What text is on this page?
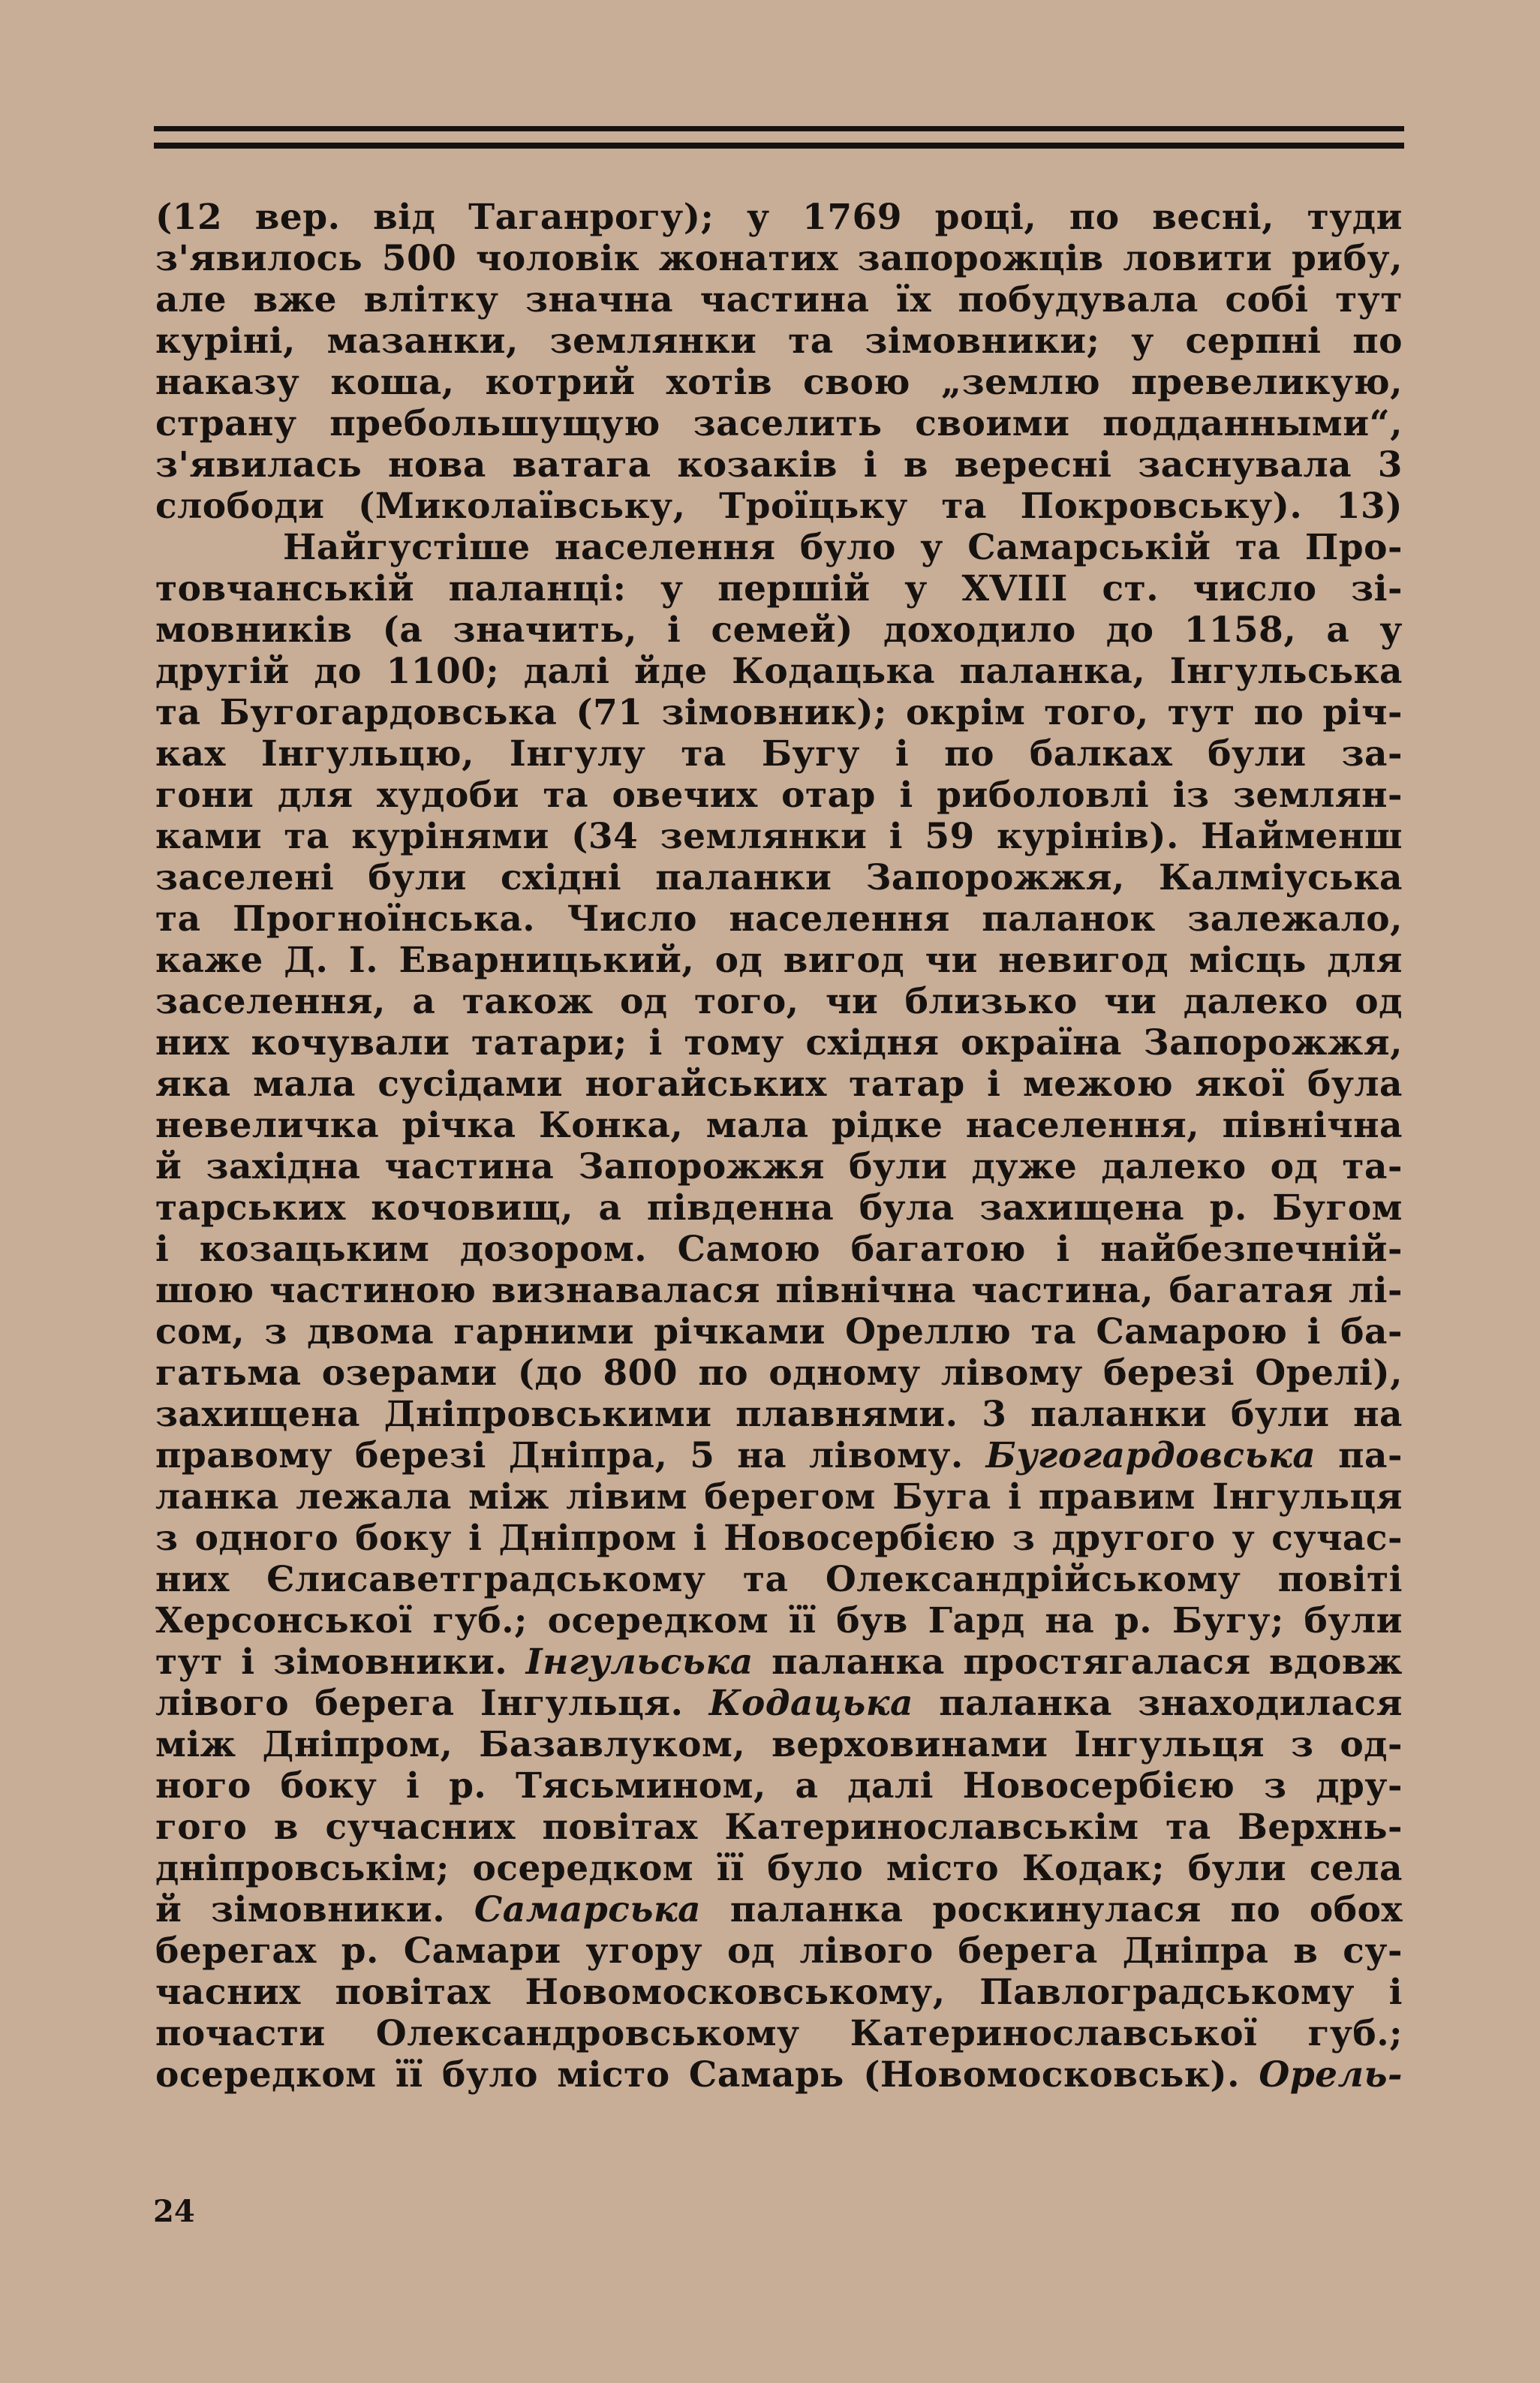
(12 вер. від Таганрогу); у 1769 році, по весні, туди
з'явилось 500 чоловік жонатих запорожців ловити рибу,
але вже влітку значна частина їх побудувала собі тут
куріні, мазанки, землянки та зімовники; у серпні по
наказу коша, котрий хотів свою „землю превеликую,
страну пребольшущую заселить своими подданными“,
з'явилась нова ватага козаків і в вересні заснувала 3
слободи (Миколаївську, Троїцьку та Покровську). 13)
Найгустіше населення було у Самарській та Про-
товчанській паланці: у першій у XVIII ст. число зі-
мовників (а значить, і семей) доходило до 1158, а у
другій до 1100; далі йде Кодацька паланка, Інгульська
та Бугогардовська (71 зімовник); окрім того, тут по річ-
ках Інгульцю, Інгулу та Бугу і по балках були за-
гони для худоби та овечих отар і риболовлі із землян-
ками та курінями (34 землянки і 59 курінів). Найменш
заселені були східні паланки Запорожжя, Калміуська
та Прогноїнська. Число населення паланок залежало,
каже Д. І. Еварницький, од вигод чи невигод місць для
заселення, а також од того, чи близько чи далеко од
них кочували татари; і тому східня окраїна Запорожжя,
яка мала сусідами ногайських татар і межою якої була
невеличка річка Конка, мала рідке населення, північна
й західна частина Запорожжя були дуже далеко од та-
тарських кочовищ, а південна була захищена р. Бугом
і козацьким дозором. Самою багатою і найбезпечній-
шою частиною визнавалася північна частина, багатая лі-
сом, з двома гарними річками Ореллю та Самарою і ба-
гатьма озерами (до 800 по одному лівому березі Орелі),
захищена Дніпровськими плавнями. 3 паланки були на
правому березі Дніпра, 5 на лівому. Бугогардовська па-
ланка лежала між лівим берегом Буга і правим Інгульця
з одного боку і Дніпром і Новосербією з другого у сучас-
них Єлисаветградському та Олександрійському повіті
Херсонської губ.; осередком її був Гард на р. Бугу; були
тут і зімовники. Інгульська паланка простягалася вдовж
лівого берега Інгульця. Кодацька паланка знаходилася
між Дніпром, Базавлуком, верховинами Інгульця з од-
ного боку і р. Тясьмином, а далі Новосербією з дру-
гого в сучасних повітах Катеринославськім та Верхнь-
дніпровськім; осередком її було місто Кодак; були села
й зімовники. Самарська паланка роскинулася по обох
берегах р. Самари угору од лівого берега Дніпра в су-
часних повітах Новомосковському, Павлоградському і
почасти Олександровському Катеринославської губ.;
осередком її було місто Самарь (Новомосковськ). Орель-
24
